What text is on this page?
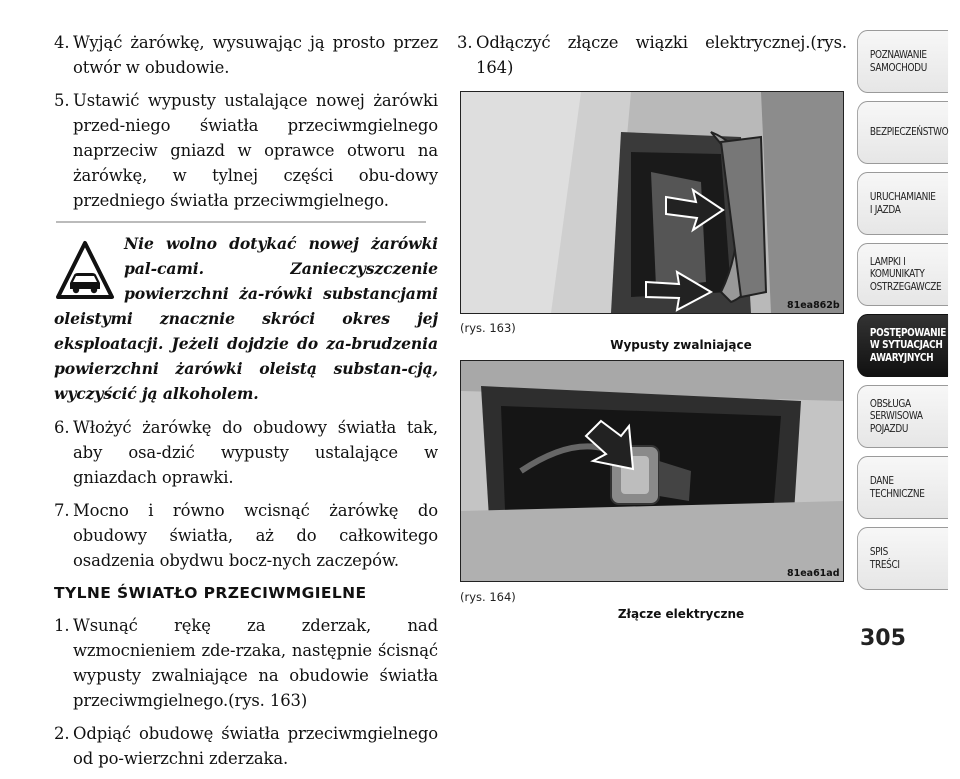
4. Wyjąć żarówkę, wysuwając ją prosto przez otwór w obudowie.
5. Ustawić wypusty ustalające nowej żarówki przed-niego światła przeciwmgielnego naprzeciw gniazd w oprawce otworu na żarówkę, w tylnej części obu-dowy przedniego światła przeciwmgielnego.
Nie wolno dotykać nowej żarówki pal-cami. Zanieczyszczenie powierzchni ża-rówki substancjami oleistymi znacznie skróci okres jej eksploatacji. Jeżeli dojdzie do za-brudzenia powierzchni żarówki oleistą substan-cją, wyczyścić ją alkoholem.
6. Włożyć żarówkę do obudowy światła tak, aby osa-dzić wypusty ustalające w gniazdach oprawki.
7. Mocno i równo wcisnąć żarówkę do obudowy światła, aż do całkowitego osadzenia obydwu bocz-nych zaczepów.
TYLNE ŚWIATŁO PRZECIWMGIELNE
1. Wsunąć rękę za zderzak, nad wzmocnieniem zde-rzaka, następnie ścisnąć wypusty zwalniające na obudowie światła przeciwmgielnego.(rys. 163)
2. Odpiąć obudowę światła przeciwmgielnego od po-wierzchni zderzaka.
3. Odłączyć złącze wiązki elektrycznej.(rys. 164)
81ea862b
(rys. 163)
Wypusty zwalniające
81ea61ad
(rys. 164)
Złącze elektryczne
POZNAWANIE
SAMOCHODU
BEZPIECZEŃSTWO
URUCHAMIANIE
I JAZDA
LAMPKI I
KOMUNIKATY
OSTRZEGAWCZE
POSTĘPOWANIE
W SYTUACJACH
AWARYJNYCH
OBSŁUGA
SERWISOWA
POJAZDU
DANE
TECHNICZNE
SPIS
TREŚCI
305
